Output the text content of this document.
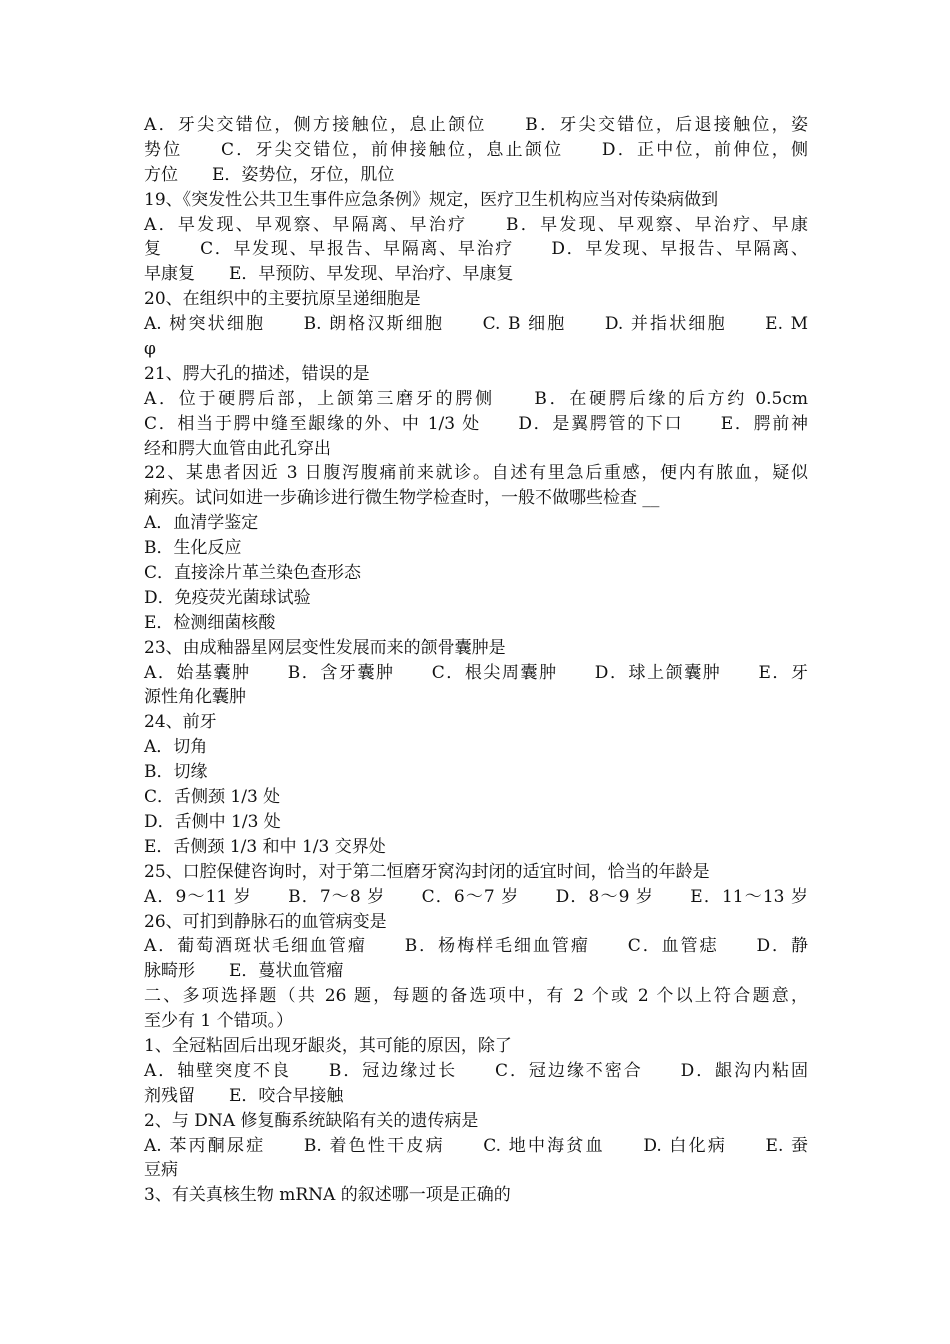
A．牙尖交错位，侧方接触位，息止颌位　　B．牙尖交错位，后退接触位，姿
势位　　C．牙尖交错位，前伸接触位，息止颌位　　D．正中位，前伸位，侧
方位　　E．姿势位，牙位，肌位
19、《突发性公共卫生事件应急条例》规定，医疗卫生机构应当对传染病做到
A．早发现、早观察、早隔离、早治疗　　B．早发现、早观察、早治疗、早康
复　　C．早发现、早报告、早隔离、早治疗　　D．早发现、早报告、早隔离、
早康复　　E．早预防、早发现、早治疗、早康复
20、在组织中的主要抗原呈递细胞是
A. 树突状细胞　　B. 朗格汉斯细胞　　C. B 细胞　　D. 并指状细胞　　E. M
φ
21、腭大孔的描述，错误的是
A．位于硬腭后部，上颌第三磨牙的腭侧　　B．在硬腭后缘的后方约 0.5cm
C．相当于腭中缝至龈缘的外、中 1/3 处　　D．是翼腭管的下口　　E．腭前神
经和腭大血管由此孔穿出
22、某患者因近 3 日腹泻腹痛前来就诊。自述有里急后重感，便内有脓血，疑似
痢疾。试问如进一步确诊进行微生物学检查时，一般不做哪些检查 __
A．血清学鉴定
B．生化反应
C．直接涂片革兰染色查形态
D．免疫荧光菌球试验
E．检测细菌核酸
23、由成釉器星网层变性发展而来的颌骨囊肿是
A．始基囊肿　　B．含牙囊肿　　C．根尖周囊肿　　D．球上颌囊肿　　E．牙
源性角化囊肿
24、前牙
A．切角
B．切缘
C．舌侧颈 1/3 处
D．舌侧中 1/3 处
E．舌侧颈 1/3 和中 1/3 交界处
25、口腔保健咨询时，对于第二恒磨牙窝沟封闭的适宜时间，恰当的年龄是
A．9～11 岁　　B．7～8 岁　　C．6～7 岁　　D．8～9 岁　　E．11～13 岁
26、可扪到静脉石的血管病变是
A．葡萄酒斑状毛细血管瘤　　B．杨梅样毛细血管瘤　　C．血管痣　　D．静
脉畸形　　E．蔓状血管瘤
二、多项选择题（共 26 题，每题的备选项中，有 2 个或 2 个以上符合题意，
至少有 1 个错项。）
1、全冠粘固后出现牙龈炎，其可能的原因，除了
A．轴壁突度不良　　B．冠边缘过长　　C．冠边缘不密合　　D．龈沟内粘固
剂残留　　E．咬合早接触
2、与 DNA 修复酶系统缺陷有关的遗传病是
A. 苯丙酮尿症　　B. 着色性干皮病　　C. 地中海贫血　　D. 白化病　　E. 蚕
豆病
3、有关真核生物 mRNA 的叙述哪一项是正确的
